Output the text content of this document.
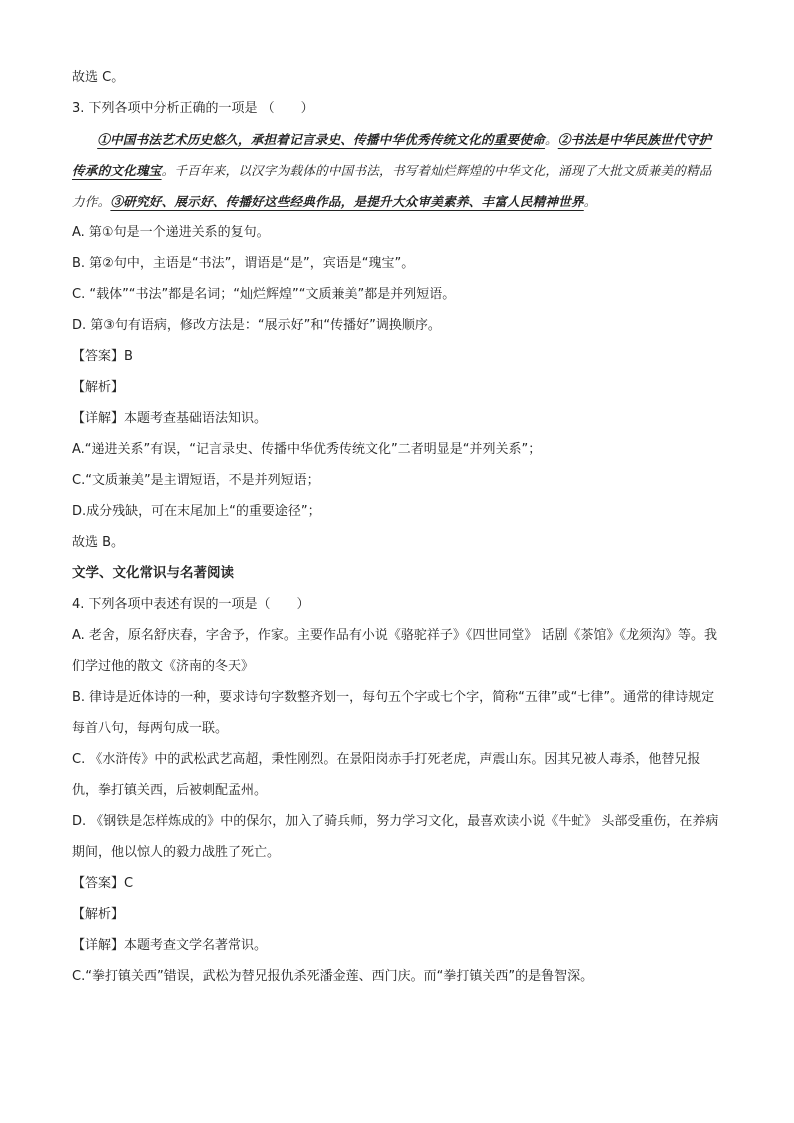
故选 C。
3. 下列各项中分析正确的一项是 （　　）
①中国书法艺术历史悠久，承担着记言录史、传播中华优秀传统文化的重要使命。②书法是中华民族世代守护传承的文化瑰宝。千百年来，以汉字为载体的中国书法，书写着灿烂辉煌的中华文化，涌现了大批文质兼美的精品力作。③研究好、展示好、传播好这些经典作品，是提升大众审美素养、丰富人民精神世界。
A. 第①句是一个递进关系的复句。
B. 第②句中，主语是“书法”，谓语是“是”，宾语是“瑰宝”。
C. “载体”“书法”都是名词；“灿烂辉煌”“文质兼美”都是并列短语。
D. 第③句有语病，修改方法是：“展示好”和“传播好”调换顺序。
【答案】B
【解析】
【详解】本题考查基础语法知识。
A.“递进关系”有误，“记言录史、传播中华优秀传统文化”二者明显是“并列关系”；
C.“文质兼美”是主谓短语，不是并列短语；
D.成分残缺，可在末尾加上“的重要途径”；
故选 B。
文学、文化常识与名著阅读
4. 下列各项中表述有误的一项是（　　）
A. 老舍，原名舒庆春，字舍予，作家。主要作品有小说《骆驼祥子》《四世同堂》 话剧《茶馆》《龙须沟》等。我们学过他的散文《济南的冬天》
B. 律诗是近体诗的一种，要求诗句字数整齐划一，每句五个字或七个字，简称“五律”或“七律”。通常的律诗规定每首八句，每两句成一联。
C. 《水浒传》中的武松武艺高超，秉性刚烈。在景阳岗赤手打死老虎，声震山东。因其兄被人毒杀，他替兄报仇，拳打镇关西，后被刺配孟州。
D. 《钢铁是怎样炼成的》中的保尔，加入了骑兵师，努力学习文化，最喜欢读小说《牛虻》 头部受重伤，在养病期间，他以惊人的毅力战胜了死亡。
【答案】C
【解析】
【详解】本题考查文学名著常识。
C.“拳打镇关西”错误，武松为替兄报仇杀死潘金莲、西门庆。而“拳打镇关西”的是鲁智深。
